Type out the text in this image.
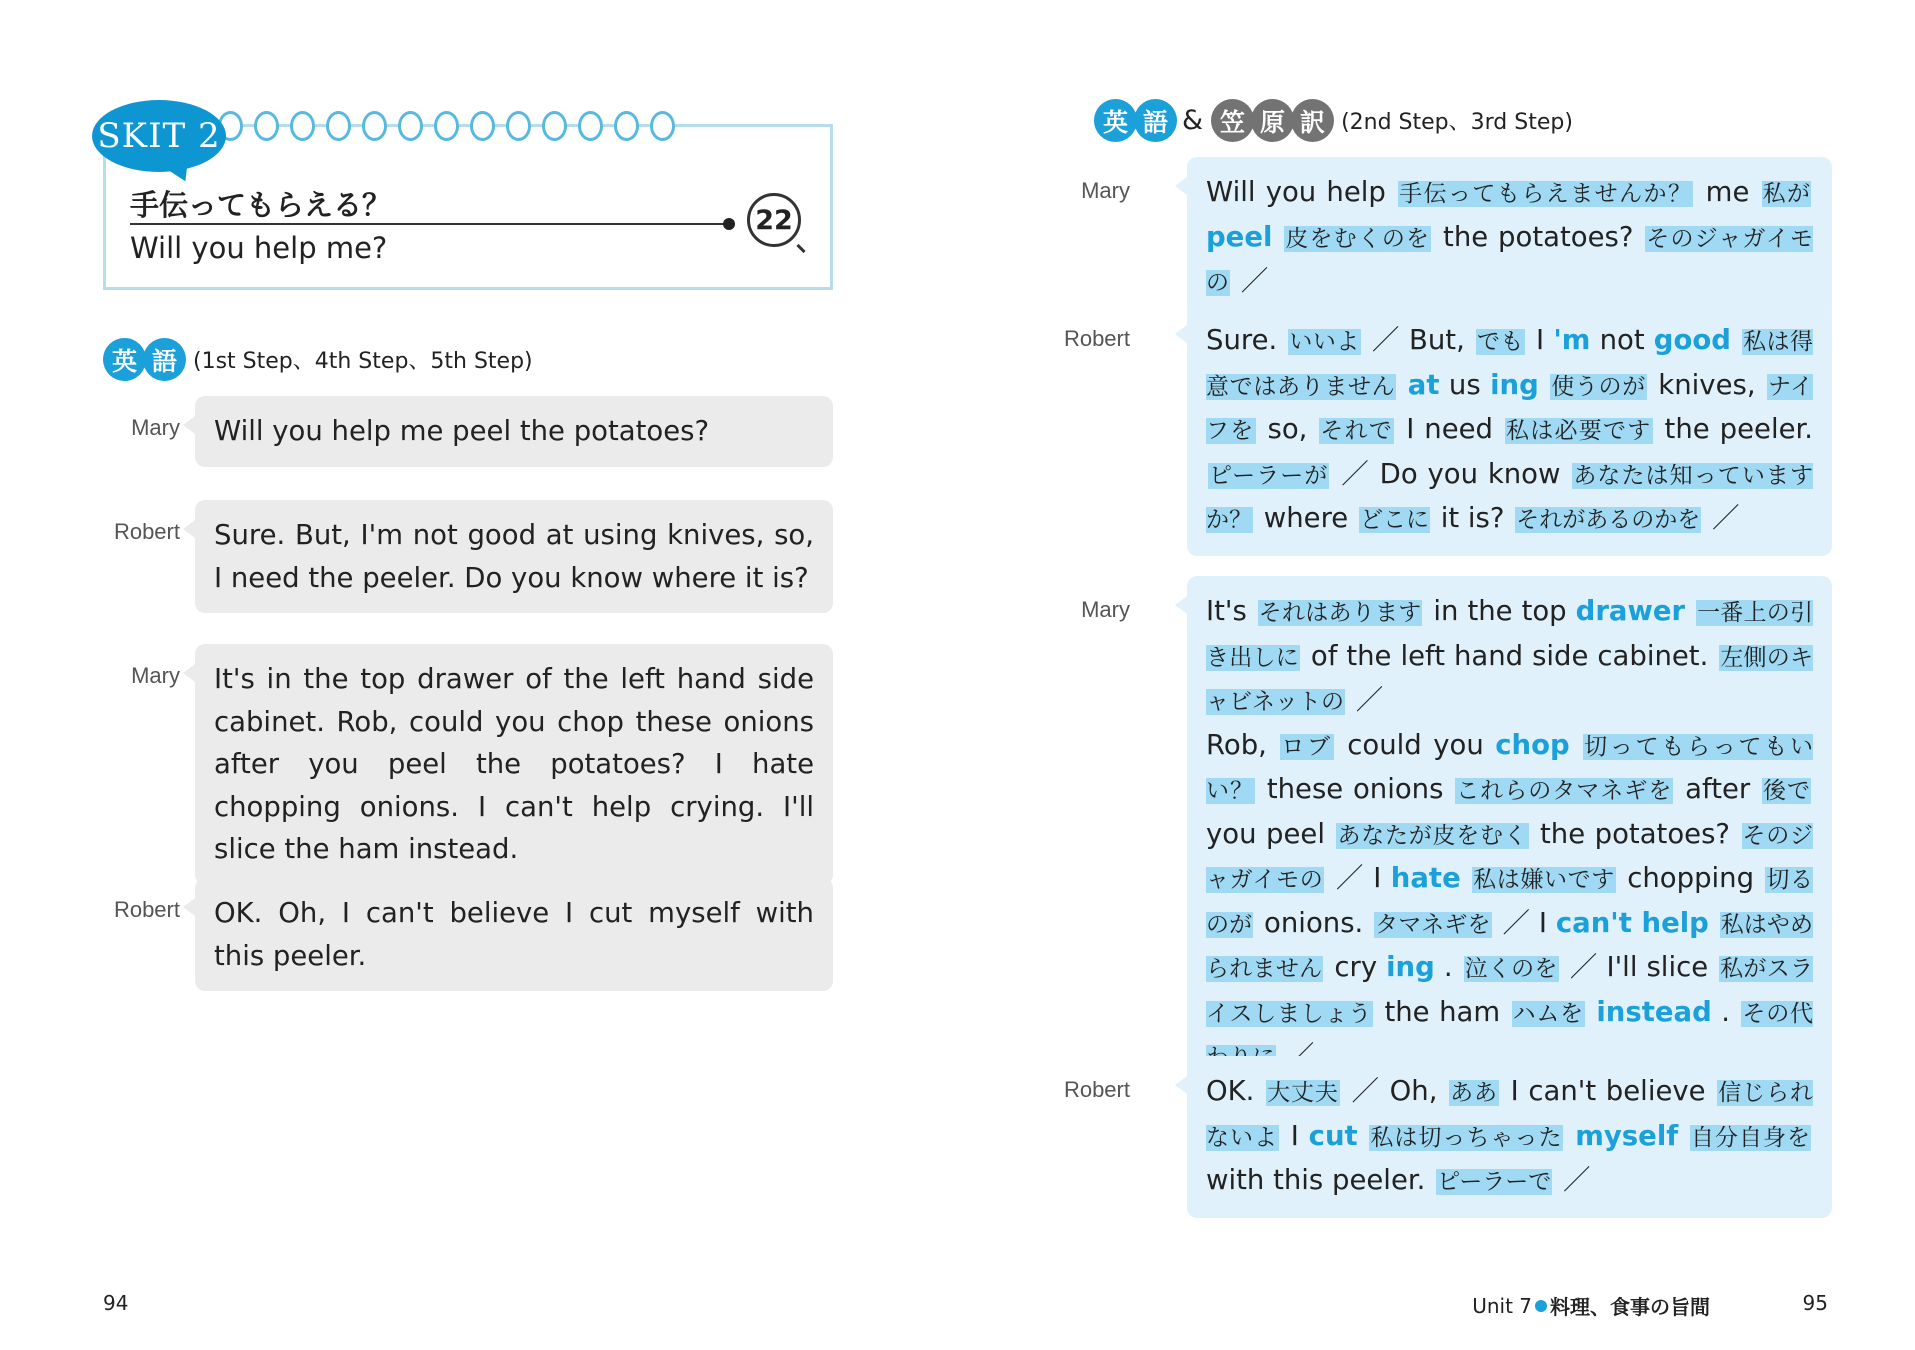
SKIT 2
手伝ってもらえる？
Will you help me?
22
英 語 (1st Step、4th Step、5th Step)
Mary	Will you help me peel the potatoes?
Robert	Sure. But, I'm not good at using knives, so, I need the peeler. Do you know where it is?
Mary	It's in the top drawer of the left hand side cabinet. Rob, could you chop these onions after you peel the potatoes? I hate chopping onions. I can't help crying. I'll slice the ham instead.
Robert	OK. Oh, I can't believe I cut myself with this peeler.
94
英 語 & 笠 原 訳 (2nd Step、3rd Step)
Mary	Will you help 手伝ってもらえませんか？ me 私が peel 皮をむくのを the potatoes? そのジャガイモの ／
Robert	Sure. いいよ ／ But, でも I 'm not good 私は得意ではありません at us ing 使うのが knives, ナイフを so, それで I need 私は必要です the peeler. ピーラーが ／ Do you know あなたは知っていますか？ where どこに it is? それがあるのかを ／
Mary	It's それはあります in the top drawer 一番上の引き出しに of the left hand side cabinet. 左側のキャビネットの ／
Rob, ロブ could you chop 切ってもらってもいい？ these onions これらのタマネギを after 後で you peel あなたが皮をむく the potatoes? そのジャガイモの ／ I hate 私は嫌いです chopping 切るのが onions. タマネギを ／ I can't help 私はやめられません cry ing . 泣くのを ／ I'll slice 私がスライスしましょう the ham ハムを instead . その代
Robert	OK. 大丈夫 ／ Oh, ああ I can't believe 信じられないよ I cut 私は切っちゃった myself 自分自身を with this peeler. ピーラーで ／
Unit 7 料理、食事の旨間	95
